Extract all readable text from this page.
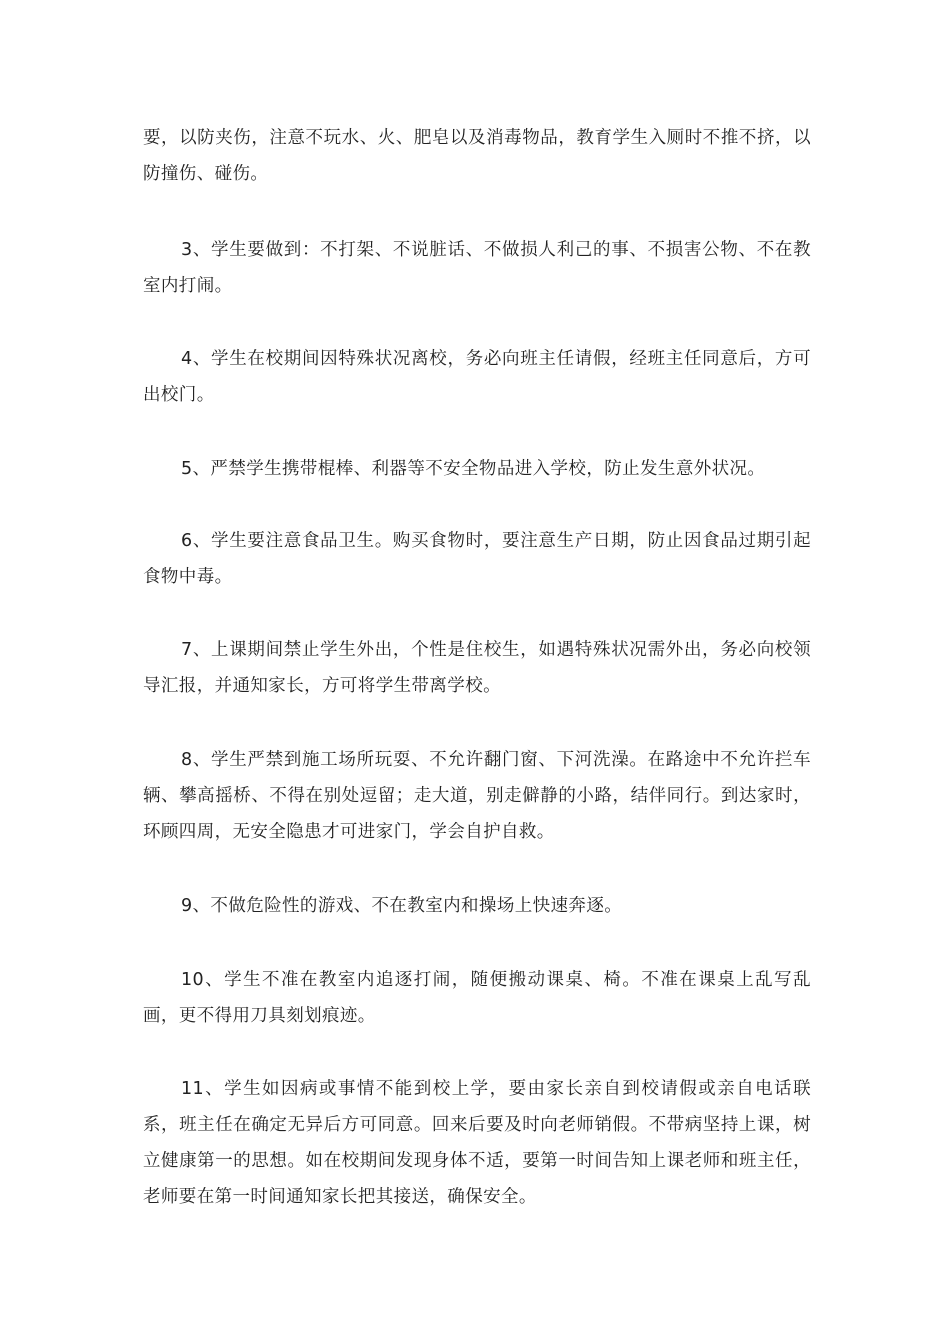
要，以防夹伤，注意不玩水、火、肥皂以及消毒物品，教育学生入厕时不推不挤，以防撞伤、碰伤。

3、学生要做到：不打架、不说脏话、不做损人利己的事、不损害公物、不在教室内打闹。

4、学生在校期间因特殊状况离校，务必向班主任请假，经班主任同意后，方可出校门。

5、严禁学生携带棍棒、利器等不安全物品进入学校，防止发生意外状况。

6、学生要注意食品卫生。购买食物时，要注意生产日期，防止因食品过期引起食物中毒。

7、上课期间禁止学生外出，个性是住校生，如遇特殊状况需外出，务必向校领导汇报，并通知家长，方可将学生带离学校。

8、学生严禁到施工场所玩耍、不允许翻门窗、下河洗澡。在路途中不允许拦车辆、攀高摇桥、不得在别处逗留；走大道，别走僻静的小路，结伴同行。到达家时，环顾四周，无安全隐患才可进家门，学会自护自救。

9、不做危险性的游戏、不在教室内和操场上快速奔逐。

10、学生不准在教室内追逐打闹，随便搬动课桌、椅。不准在课桌上乱写乱画，更不得用刀具刻划痕迹。

11、学生如因病或事情不能到校上学，要由家长亲自到校请假或亲自电话联系，班主任在确定无异后方可同意。回来后要及时向老师销假。不带病坚持上课，树立健康第一的思想。如在校期间发现身体不适，要第一时间告知上课老师和班主任，老师要在第一时间通知家长把其接送，确保安全。
